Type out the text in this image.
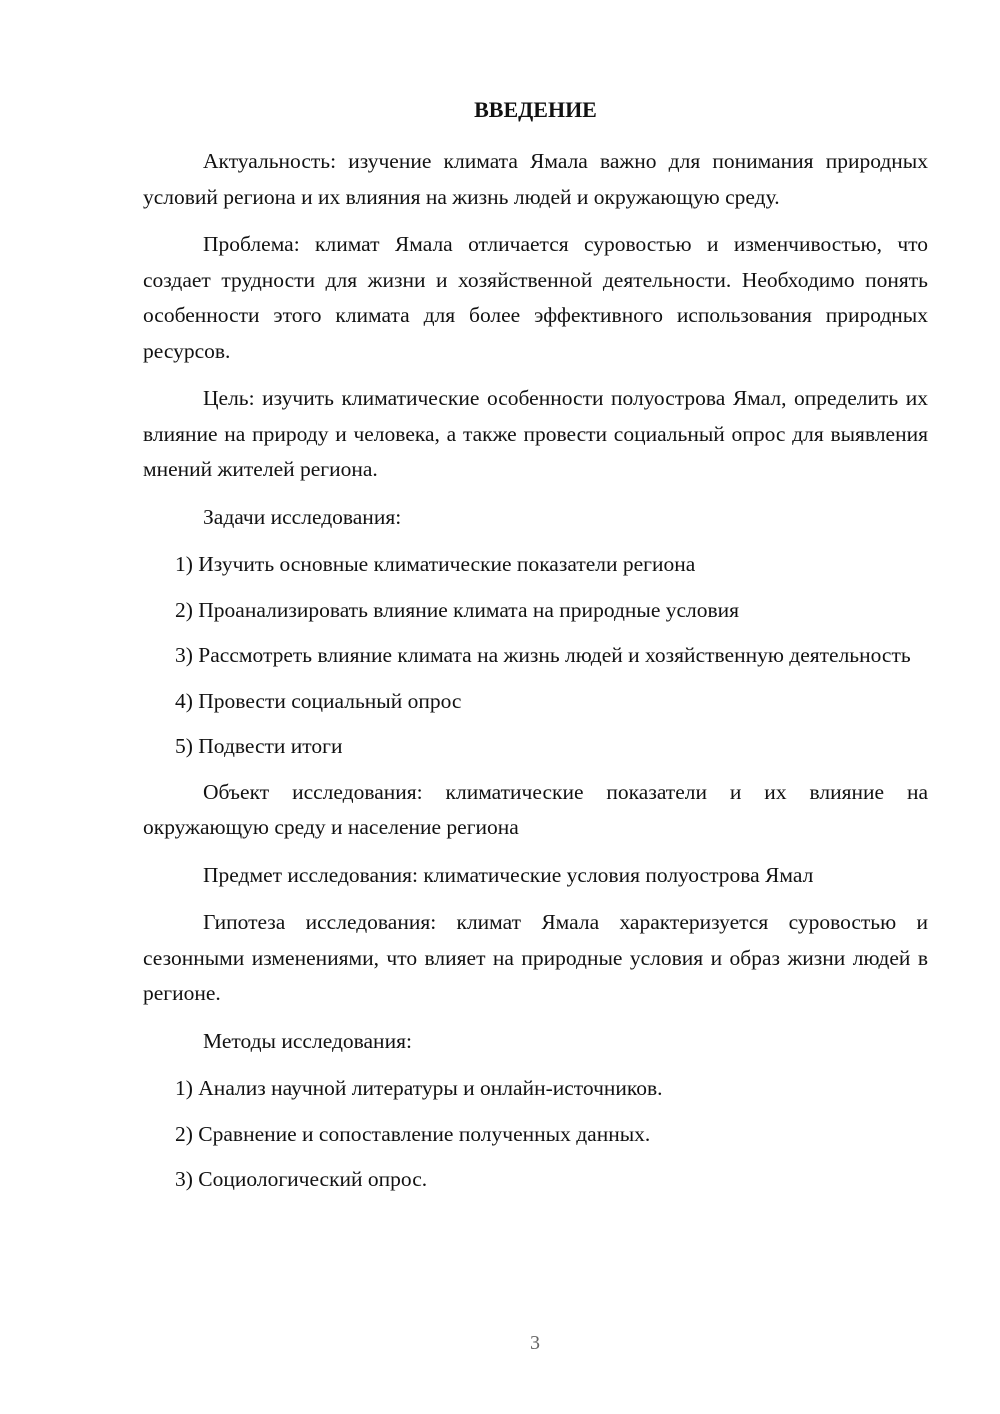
ВВЕДЕНИЕ

Актуальность: изучение климата Ямала важно для понимания природных условий региона и их влияния на жизнь людей и окружающую среду.

Проблема: климат Ямала отличается суровостью и изменчивостью, что создает трудности для жизни и хозяйственной деятельности. Необходимо понять особенности этого климата для более эффективного использования природных ресурсов.

Цель: изучить климатические особенности полуострова Ямал, определить их влияние на природу и человека, а также провести социальный опрос для выявления мнений жителей региона.

Задачи исследования:

1) Изучить основные климатические показатели региона

2) Проанализировать влияние климата на природные условия

3) Рассмотреть влияние климата на жизнь людей и хозяйственную деятельность

4) Провести социальный опрос

5) Подвести итоги

Объект исследования: климатические показатели и их влияние на окружающую среду и население региона

Предмет исследования: климатические условия полуострова Ямал

Гипотеза исследования: климат Ямала характеризуется суровостью и сезонными изменениями, что влияет на природные условия и образ жизни людей в регионе.

Методы исследования:

1) Анализ научной литературы и онлайн-источников.

2) Сравнение и сопоставление полученных данных.

3) Социологический опрос.

3
